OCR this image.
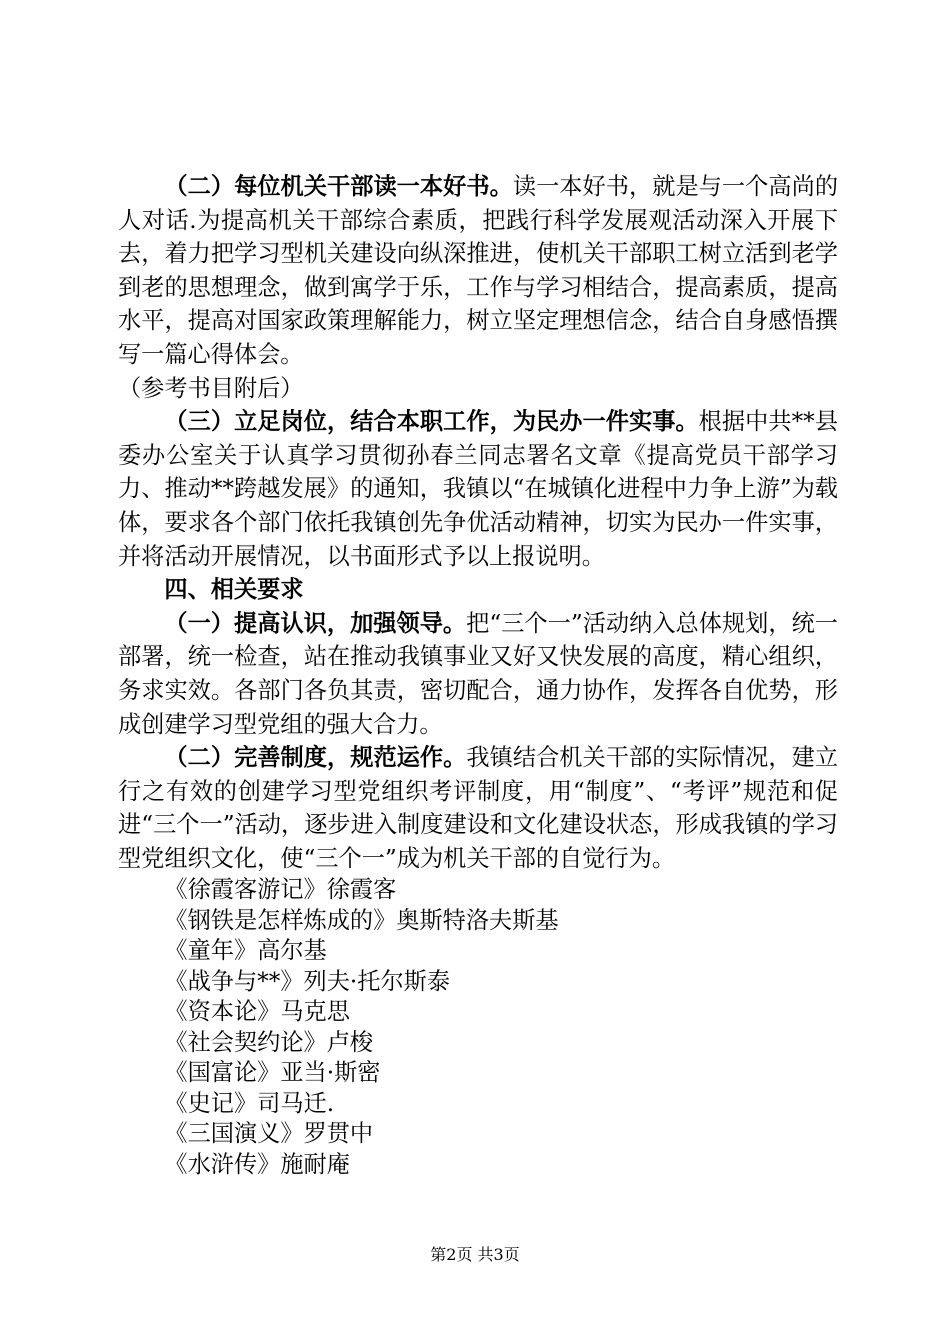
（二）每位机关干部读一本好书。读一本好书，就是与一个高尚的人对话.为提高机关干部综合素质，把践行科学发展观活动深入开展下去，着力把学习型机关建设向纵深推进，使机关干部职工树立活到老学到老的思想理念，做到寓学于乐，工作与学习相结合，提高素质，提高水平，提高对国家政策理解能力，树立坚定理想信念，结合自身感悟撰写一篇心得体会。

（参考书目附后）

（三）立足岗位，结合本职工作，为民办一件实事。根据中共**县委办公室关于认真学习贯彻孙春兰同志署名文章《提高党员干部学习力、推动**跨越发展》的通知，我镇以“在城镇化进程中力争上游”为载体，要求各个部门依托我镇创先争优活动精神，切实为民办一件实事，并将活动开展情况，以书面形式予以上报说明。

四、相关要求

（一）提高认识，加强领导。把“三个一”活动纳入总体规划，统一部署，统一检查，站在推动我镇事业又好又快发展的高度，精心组织，务求实效。各部门各负其责，密切配合，通力协作，发挥各自优势，形成创建学习型党组的强大合力。

（二）完善制度，规范运作。我镇结合机关干部的实际情况，建立行之有效的创建学习型党组织考评制度，用“制度”、“考评”规范和促进“三个一”活动，逐步进入制度建设和文化建设状态，形成我镇的学习型党组织文化，使“三个一”成为机关干部的自觉行为。

《徐霞客游记》徐霞客
《钢铁是怎样炼成的》奥斯特洛夫斯基
《童年》高尔基
《战争与**》列夫·托尔斯泰
《资本论》马克思
《社会契约论》卢梭
《国富论》亚当·斯密
《史记》司马迁.
《三国演义》罗贯中
《水浒传》施耐庵
第2页 共3页
